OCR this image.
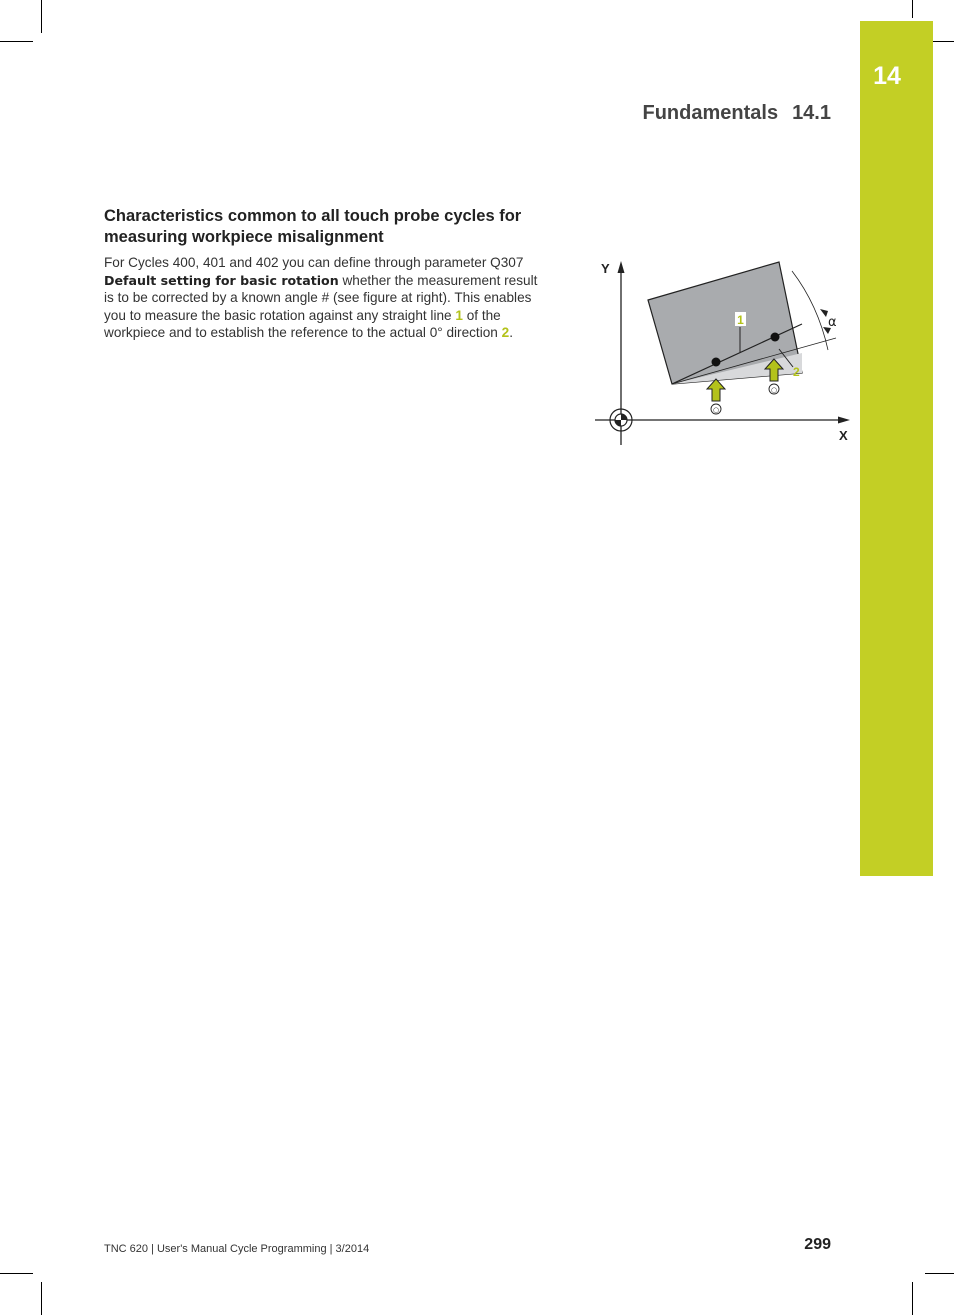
14
Fundamentals 14.1
Characteristics common to all touch probe cycles for measuring workpiece misalignment

For Cycles 400, 401 and 402 you can define through parameter Q307 Default setting for basic rotation whether the measurement result is to be corrected by a known angle # (see figure at right). This enables you to measure the basic rotation against any straight line 1 of the workpiece and to establish the reference to the actual 0° direction 2.

Y
X
α
1
2
○
○
TNC 620 | User's Manual Cycle Programming | 3/2014	299
